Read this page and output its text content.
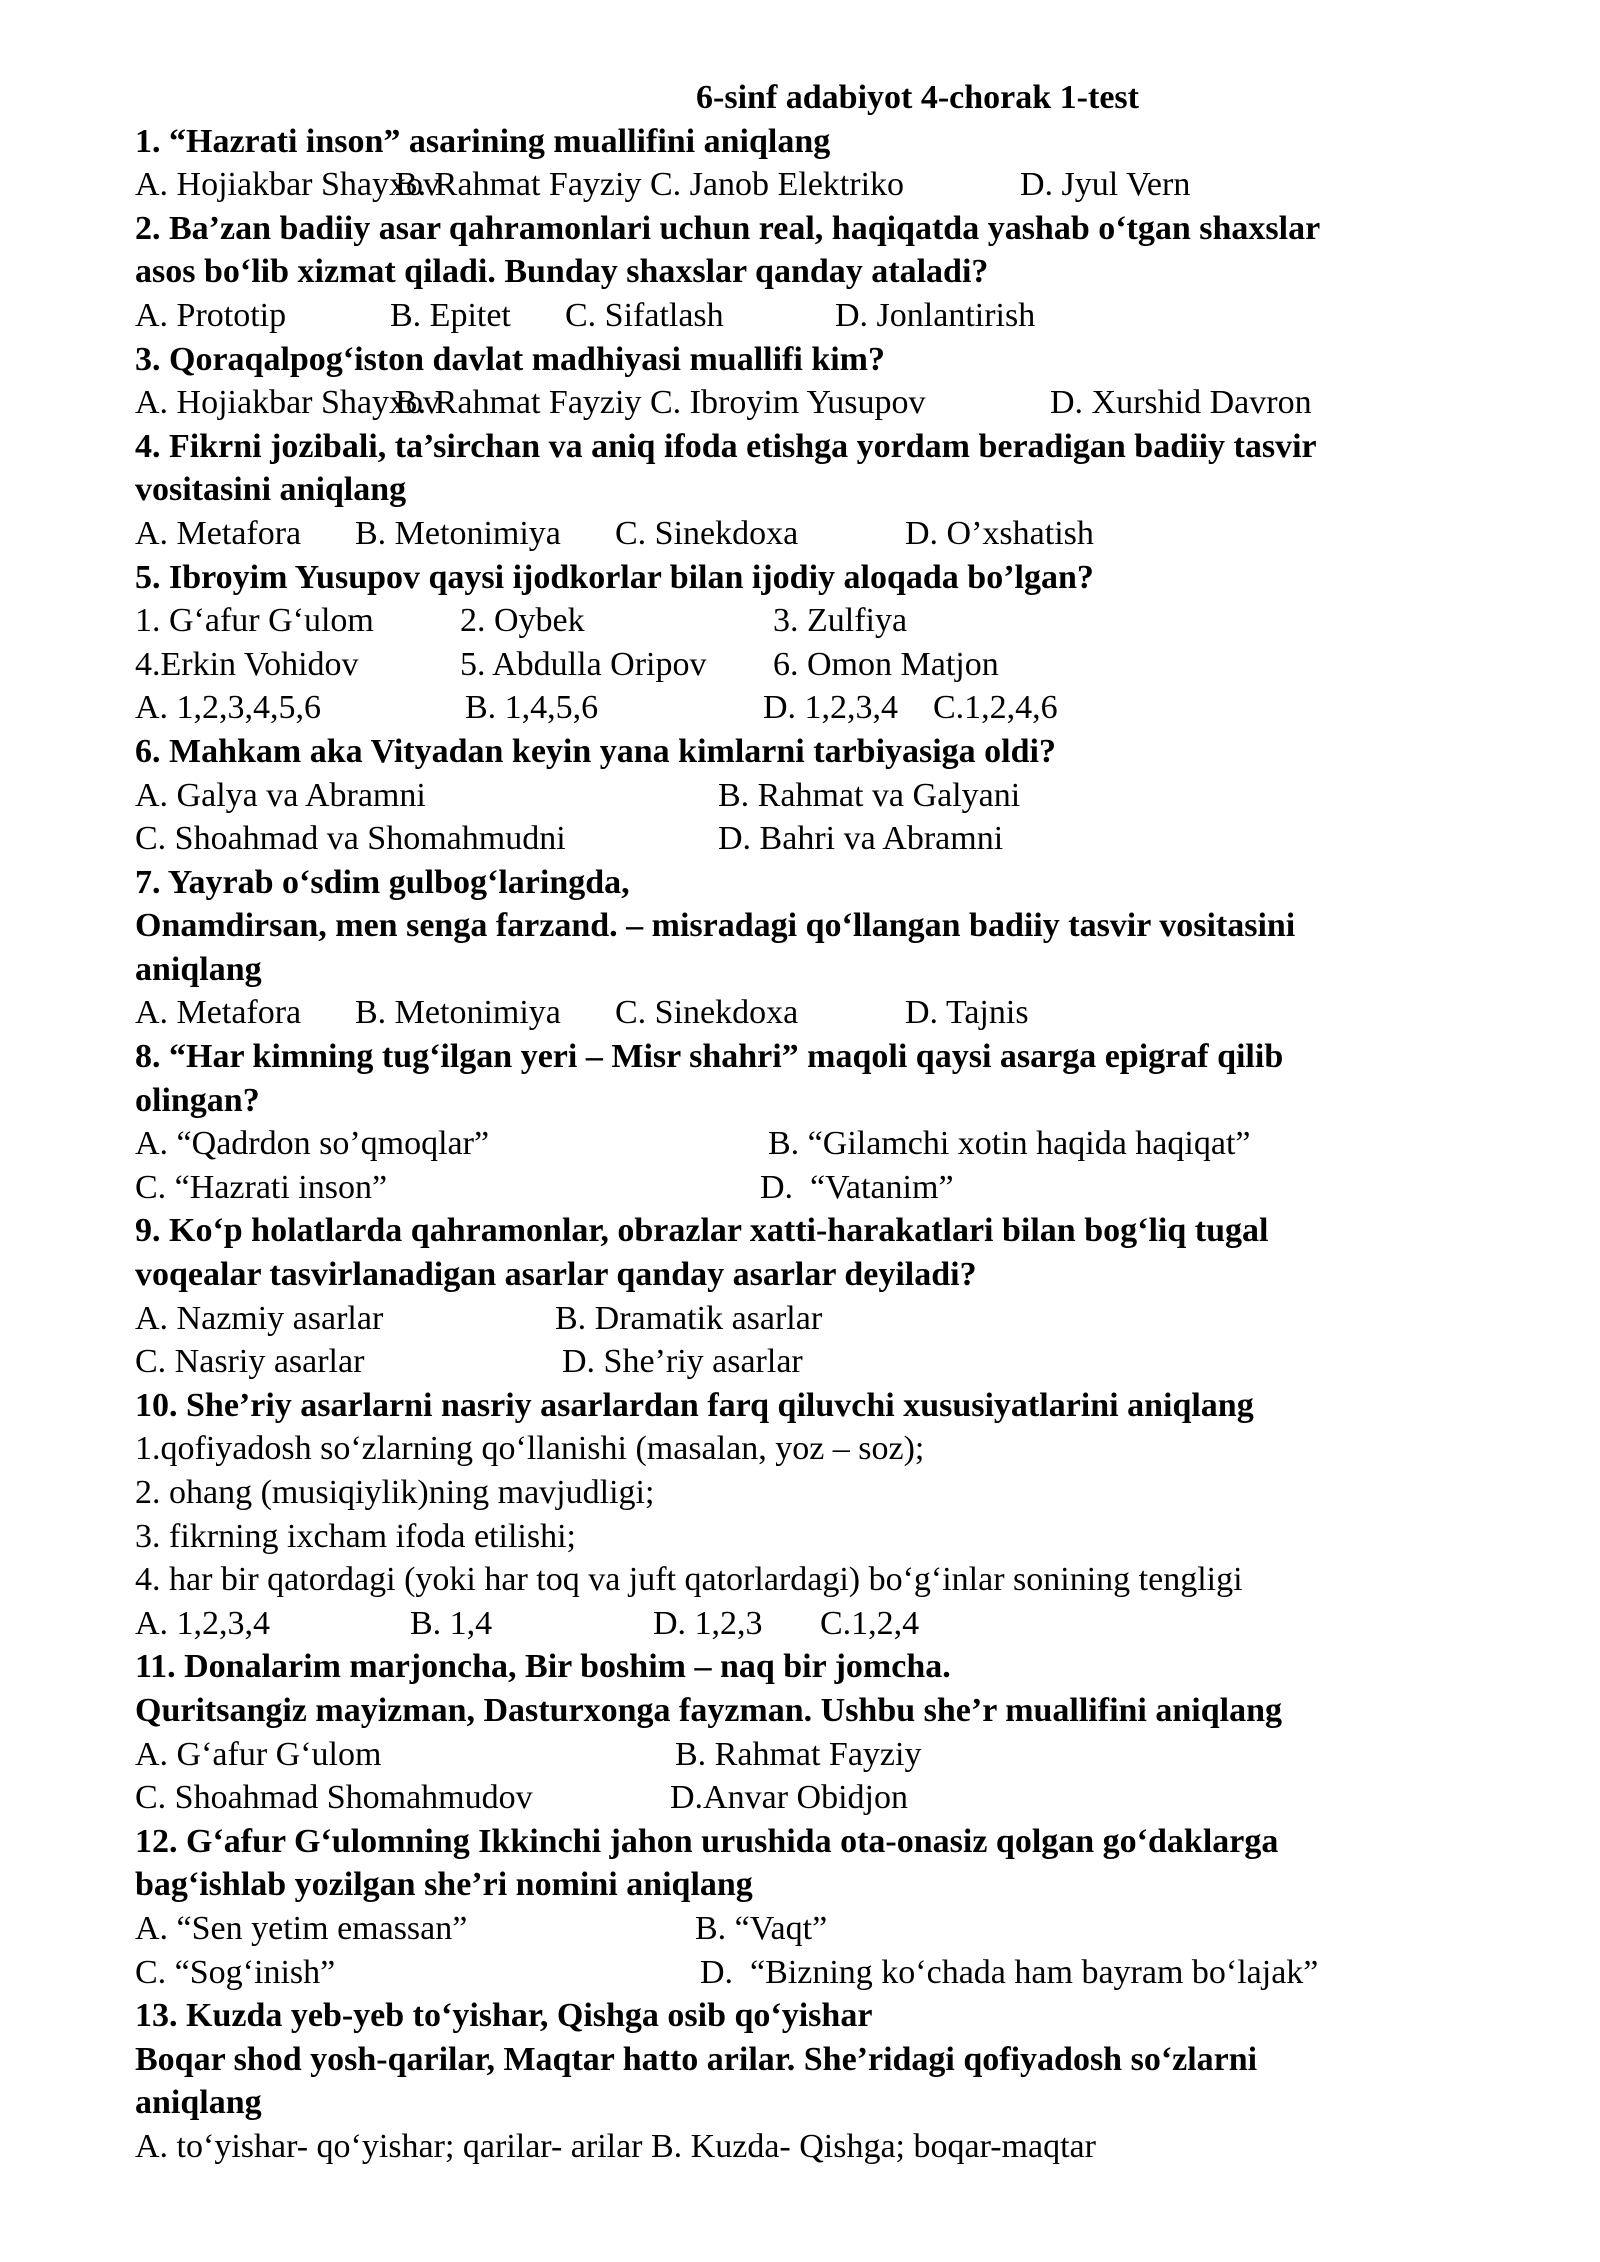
6-sinf adabiyot 4-chorak 1-test
1. “Hazrati inson” asarining muallifini aniqlang
A. Hojiakbar Shayxov
B. Rahmat Fayziy C. Janob Elektriko	D. Jyul Vern
2. Ba’zan badiiy asar qahramonlari uchun real, haqiqatda yashab o‘tgan shaxslar
asos bo‘lib xizmat qiladi. Bunday shaxslar qanday ataladi?
A. Prototip	B. Epitet	C. Sifatlash	D. Jonlantirish
3. Qoraqalpog‘iston davlat madhiyasi muallifi kim?
A. Hojiakbar Shayxov
B. Rahmat Fayziy C. Ibroyim Yusupov	D. Xurshid Davron
4. Fikrni jozibali, ta’sirchan va aniq ifoda etishga yordam beradigan badiiy tasvir
vositasini aniqlang
A. Metafora	B. Metonimiya	C. Sinekdoxa	D. O’xshatish
5. Ibroyim Yusupov qaysi ijodkorlar bilan ijodiy aloqada bo’lgan?
1. G‘afur G‘ulom	2. Oybek	3. Zulfiya
4.Erkin Vohidov	5. Abdulla Oripov	6. Omon Matjon
A. 1,2,3,4,5,6	B. 1,4,5,6	D. 1,2,3,4	C.1,2,4,6
6. Mahkam aka Vityadan keyin yana kimlarni tarbiyasiga oldi?
A. Galya va Abramni	B. Rahmat va Galyani
C. Shoahmad va Shomahmudni	D. Bahri va Abramni
7. Yayrab o‘sdim gulbog‘laringda,
Onamdirsan, men senga farzand. – misradagi qo‘llangan badiiy tasvir vositasini
aniqlang
A. Metafora	B. Metonimiya	C. Sinekdoxa	D. Tajnis
8. “Har kimning tug‘ilgan yeri – Misr shahri” maqoli qaysi asarga epigraf qilib
olingan?
A. “Qadrdon so’qmoqlar”	B. “Gilamchi xotin haqida haqiqat”
C. “Hazrati inson”	D.  “Vatanim”
9. Ko‘p holatlarda qahramonlar, obrazlar xatti-harakatlari bilan bog‘liq tugal
voqealar tasvirlanadigan asarlar qanday asarlar deyiladi?
A. Nazmiy asarlar	B. Dramatik asarlar
C. Nasriy asarlar	D. She’riy asarlar
10. She’riy asarlarni nasriy asarlardan farq qiluvchi xususiyatlarini aniqlang
1.qofiyadosh so‘zlarning qo‘llanishi (masalan, yoz – soz);
2. ohang (musiqiylik)ning mavjudligi;
3. fikrning ixcham ifoda etilishi;
4. har bir qatordagi (yoki har toq va juft qatorlardagi) bo‘g‘inlar sonining tengligi
A. 1,2,3,4	B. 1,4	D. 1,2,3	C.1,2,4
11. Donalarim marjoncha, Bir boshim – naq bir jomcha.
Quritsangiz mayizman, Dasturxonga fayzman. Ushbu she’r muallifini aniqlang
A. G‘afur G‘ulom	B. Rahmat Fayziy
C. Shoahmad Shomahmudov	D.Anvar Obidjon
12. G‘afur G‘ulomning Ikkinchi jahon urushida ota-onasiz qolgan go‘daklarga
bag‘ishlab yozilgan she’ri nomini aniqlang
A. “Sen yetim emassan”	B. “Vaqt”
C. “Sog‘inish”	D.  “Bizning ko‘chada ham bayram bo‘lajak”
13. Kuzda yeb-yeb to‘yishar, Qishga osib qo‘yishar
Boqar shod yosh-qarilar, Maqtar hatto arilar. She’ridagi qofiyadosh so‘zlarni
aniqlang
A. to‘yishar- qo‘yishar; qarilar- arilar B. Kuzda- Qishga; boqar-maqtar
